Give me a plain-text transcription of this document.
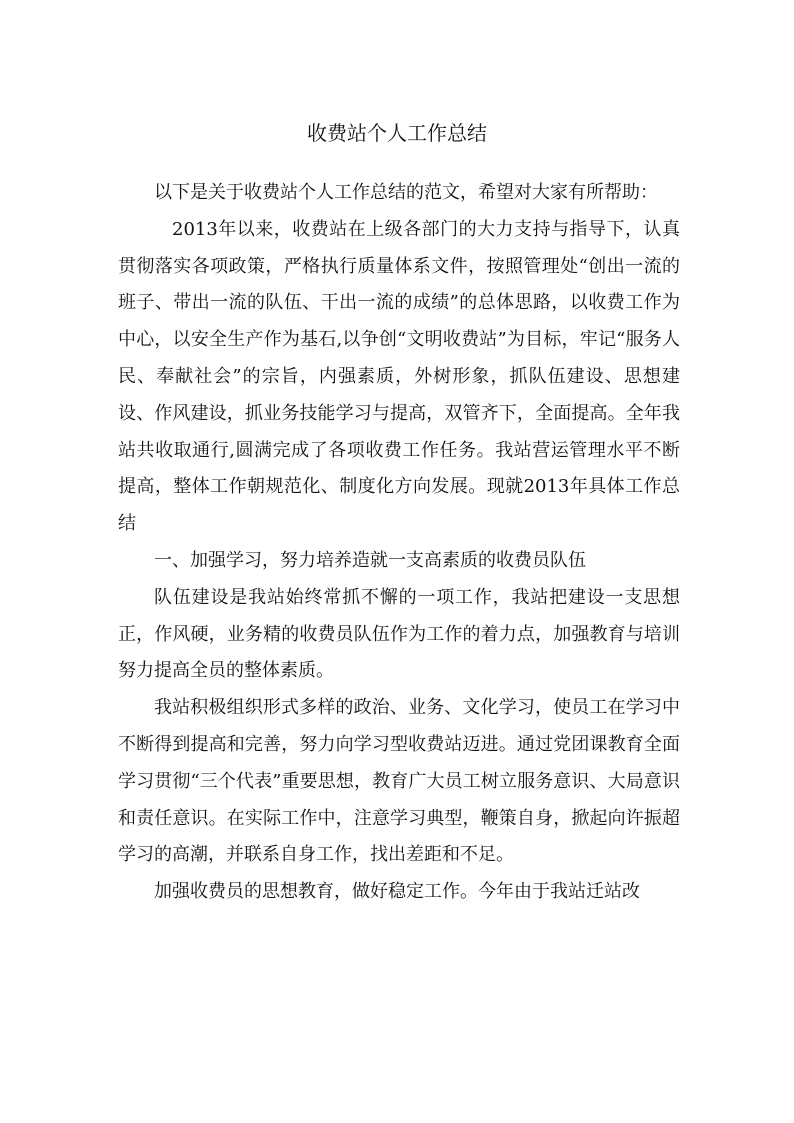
收费站个人工作总结

以下是关于收费站个人工作总结的范文，希望对大家有所帮助：

2013年以来，收费站在上级各部门的大力支持与指导下，认真贯彻落实各项政策，严格执行质量体系文件，按照管理处“创出一流的班子、带出一流的队伍、干出一流的成绩”的总体思路，以收费工作为中心，以安全生产作为基石,以争创“文明收费站”为目标，牢记“服务人民、奉献社会”的宗旨，内强素质，外树形象，抓队伍建设、思想建设、作风建设，抓业务技能学习与提高，双管齐下，全面提高。全年我站共收取通行,圆满完成了各项收费工作任务。我站营运管理水平不断提高，整体工作朝规范化、制度化方向发展。现就2013年具体工作总结

一、加强学习，努力培养造就一支高素质的收费员队伍

队伍建设是我站始终常抓不懈的一项工作，我站把建设一支思想正，作风硬，业务精的收费员队伍作为工作的着力点，加强教育与培训努力提高全员的整体素质。

我站积极组织形式多样的政治、业务、文化学习，使员工在学习中不断得到提高和完善，努力向学习型收费站迈进。通过党团课教育全面学习贯彻“三个代表”重要思想，教育广大员工树立服务意识、大局意识和责任意识。在实际工作中，注意学习典型，鞭策自身，掀起向许振超学习的高潮，并联系自身工作，找出差距和不足。

加强收费员的思想教育，做好稳定工作。今年由于我站迁站改
